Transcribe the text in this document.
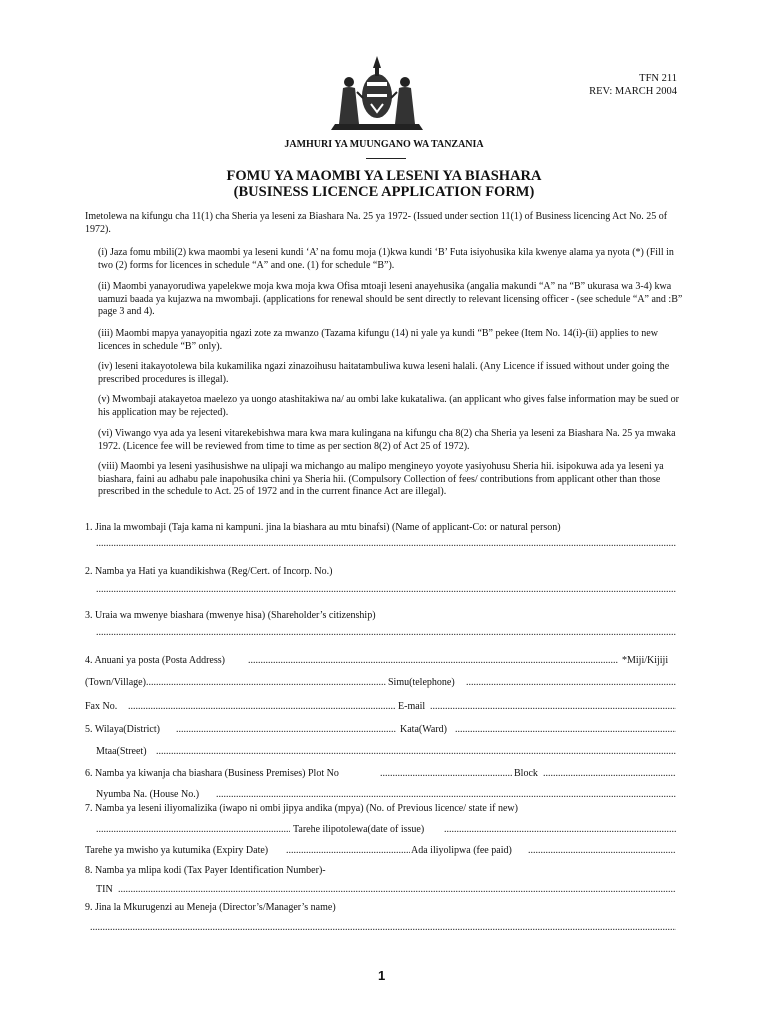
TFN 211
REV: MARCH 2004
JAMHURI YA MUUNGANO WA TANZANIA
FOMU YA MAOMBI YA LESENI YA BIASHARA
(BUSINESS LICENCE APPLICATION FORM)
Imetolewa na kifungu cha 11(1) cha Sheria ya leseni za Biashara Na. 25 ya 1972- (Issued under section 11(1) of Business licencing Act No. 25 of 1972).
(i) Jaza fomu mbili(2) kwa maombi ya leseni kundi ‘A’ na fomu moja (1)kwa kundi ‘B’ Futa isiyohusika kila kwenye alama ya nyota (*) (Fill in two (2) forms for licences in schedule “A” and one. (1) for schedule “B”).
(ii) Maombi yanayorudiwa yapelekwe moja kwa moja kwa Ofisa mtoaji leseni anayehusika (angalia makundi “A” na “B” ukurasa wa 3-4) kwa uamuzi baada ya kujazwa na mwombaji. (applications for renewal should be sent directly to relevant licensing officer - (see schedule “A” and :B” page 3 and 4).
(iii) Maombi mapya yanayopitia ngazi zote za mwanzo (Tazama kifungu (14) ni yale ya kundi “B” pekee (Item No. 14(i)-(ii) applies to new licences in schedule “B” only).
(iv) leseni itakayotolewa bila kukamilika ngazi zinazoihusu haitatambuliwa kuwa leseni halali. (Any Licence if issued without under going the prescribed procedures is illegal).
(v) Mwombaji atakayetoa maelezo ya uongo atashitakiwa na/ au ombi lake kukataliwa. (an applicant who gives false information may be sued or his application may be rejected).
(vi) Viwango vya ada ya leseni vitarekebishwa mara kwa mara kulingana na kifungu cha 8(2) cha Sheria ya leseni za Biashara Na. 25 ya mwaka 1972. (Licence fee will be reviewed from time to time as per section 8(2) of Act 25 of 1972).
(viii) Maombi ya leseni yasihusishwe na ulipaji wa michango au malipo mengineyo yoyote yasiyohusu Sheria hii. isipokuwa ada ya leseni ya biashara, faini au adhabu pale inapohusika chini ya Sheria hii. (Compulsory Collection of fees/ contributions from applicant other than those prescribed in the schedule to Act. 25 of 1972 and in the current finance Act are illegal).
1. Jina la mwombaji (Taja kama ni kampuni. jina la biashara au mtu binafsi) (Name of applicant-Co: or natural person)
.....
2. Namba ya Hati ya kuandikishwa (Reg/Cert. of Incorp. No.)
.....
3. Uraia wa mwenye biashara (mwenye hisa) (Shareholder’s citizenship)
.....
4. Anuani ya posta (Posta Address) .....	*Miji/Kijiji
(Town/Village) .....	Simu(telephone)
.....
Fax No. .....	E-mail
.....
5. Wilaya(District) .....	Kata(Ward)
.....
Mtaa(Street)
.....
6. Namba ya kiwanja cha biashara (Business Premises) Plot No .....	Block
.....
Nyumba Na. (House No.)
.....
7. Namba ya leseni iliyomalizika (iwapo ni ombi jipya andika (mpya) (No. of Previous licence/ state if new)
.....
Tarehe ilipotolewa(date of issue)
.....
Tarehe ya mwisho ya kutumika (Expiry Date) .....	Ada iliyolipwa (fee paid)
.....
8. Namba ya mlipa kodi (Tax Payer Identification Number)-
TIN
.....
9. Jina la Mkurugenzi au Meneja (Director’s/Manager’s name)
.....
1
